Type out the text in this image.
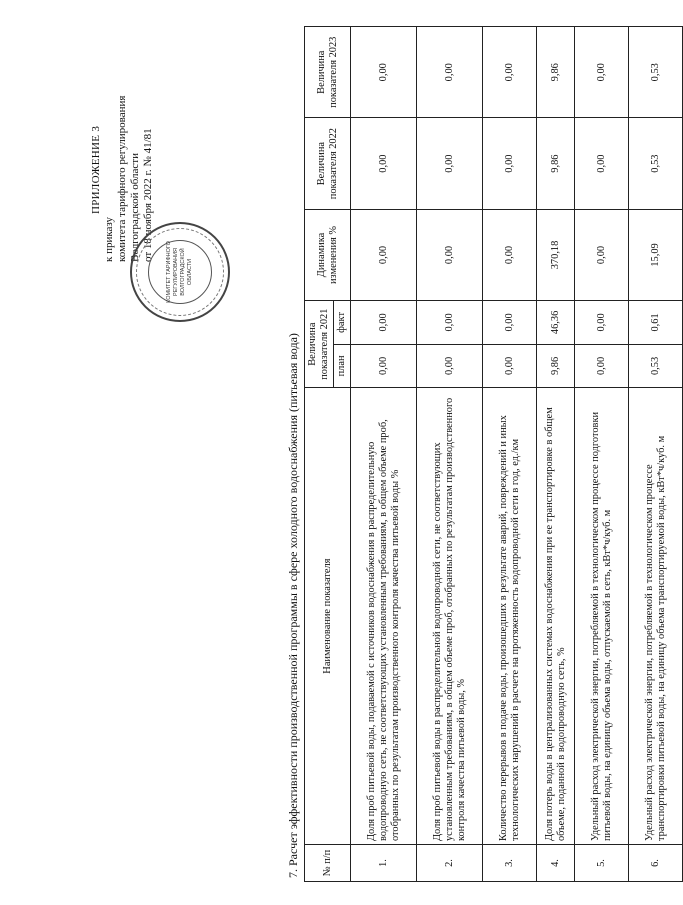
ПРИЛОЖЕНИЕ 3
к приказу комитета тарифного регулирования Волгоградской области от 18 ноября 2022 г. № 41/81
КОМИТЕТ ТАРИФНОГО РЕГУЛИРОВАНИЯ ВОЛГОГРАДСКОЙ ОБЛАСТИ
7. Расчет эффективности производственной программы в сфере холодного водоснабжения (питьевая вода) № п/п	Наименование показателя	Величина показателя 2021		Динамика изменения %	Величина показателя 2022	Величина показателя 2023
		план	факт			
1.	Доля проб питьевой воды, подаваемой с источников водоснабжения в распределительную водопроводную сеть, не соответствующих установленным требованиям, в общем объеме проб, отобранных по результатам производственного контроля качества питьевой воды %	0,00	0,00	0,00	0,00	0,00
2.	Доля проб питьевой воды в распределительной водопроводной сети, не соответствующих установленным требованиям, в общем объеме проб, отобранных по результатам производственного контроля качества питьевой воды, %	0,00	0,00	0,00	0,00	0,00
3.	Количество перерывов в подаче воды, произошедших в результате аварий, повреждений и иных технологических нарушений в расчете на протяженность водопроводной сети в год, ед./км	0,00	0,00	0,00	0,00	0,00
4.	Доля потерь воды в централизованных системах водоснабжения при ее транспортировке в общем объеме, поданной в водопроводную сеть, %	9,86	46,36	370,18	9,86	9,86
5.	Удельный расход электрической энергии, потребляемой в технологическом процессе подготовки питьевой воды, на единицу объема воды, отпускаемой в сеть, кВт*ч/куб. м	0,00	0,00	0,00	0,00	0,00
6.	Удельный расход электрической энергии, потребляемой в технологическом процессе транспортировки питьевой воды, на единицу объема транспортируемой воды, кВт*ч/куб. м	0,53	0,61	15,09	0,53	0,53
